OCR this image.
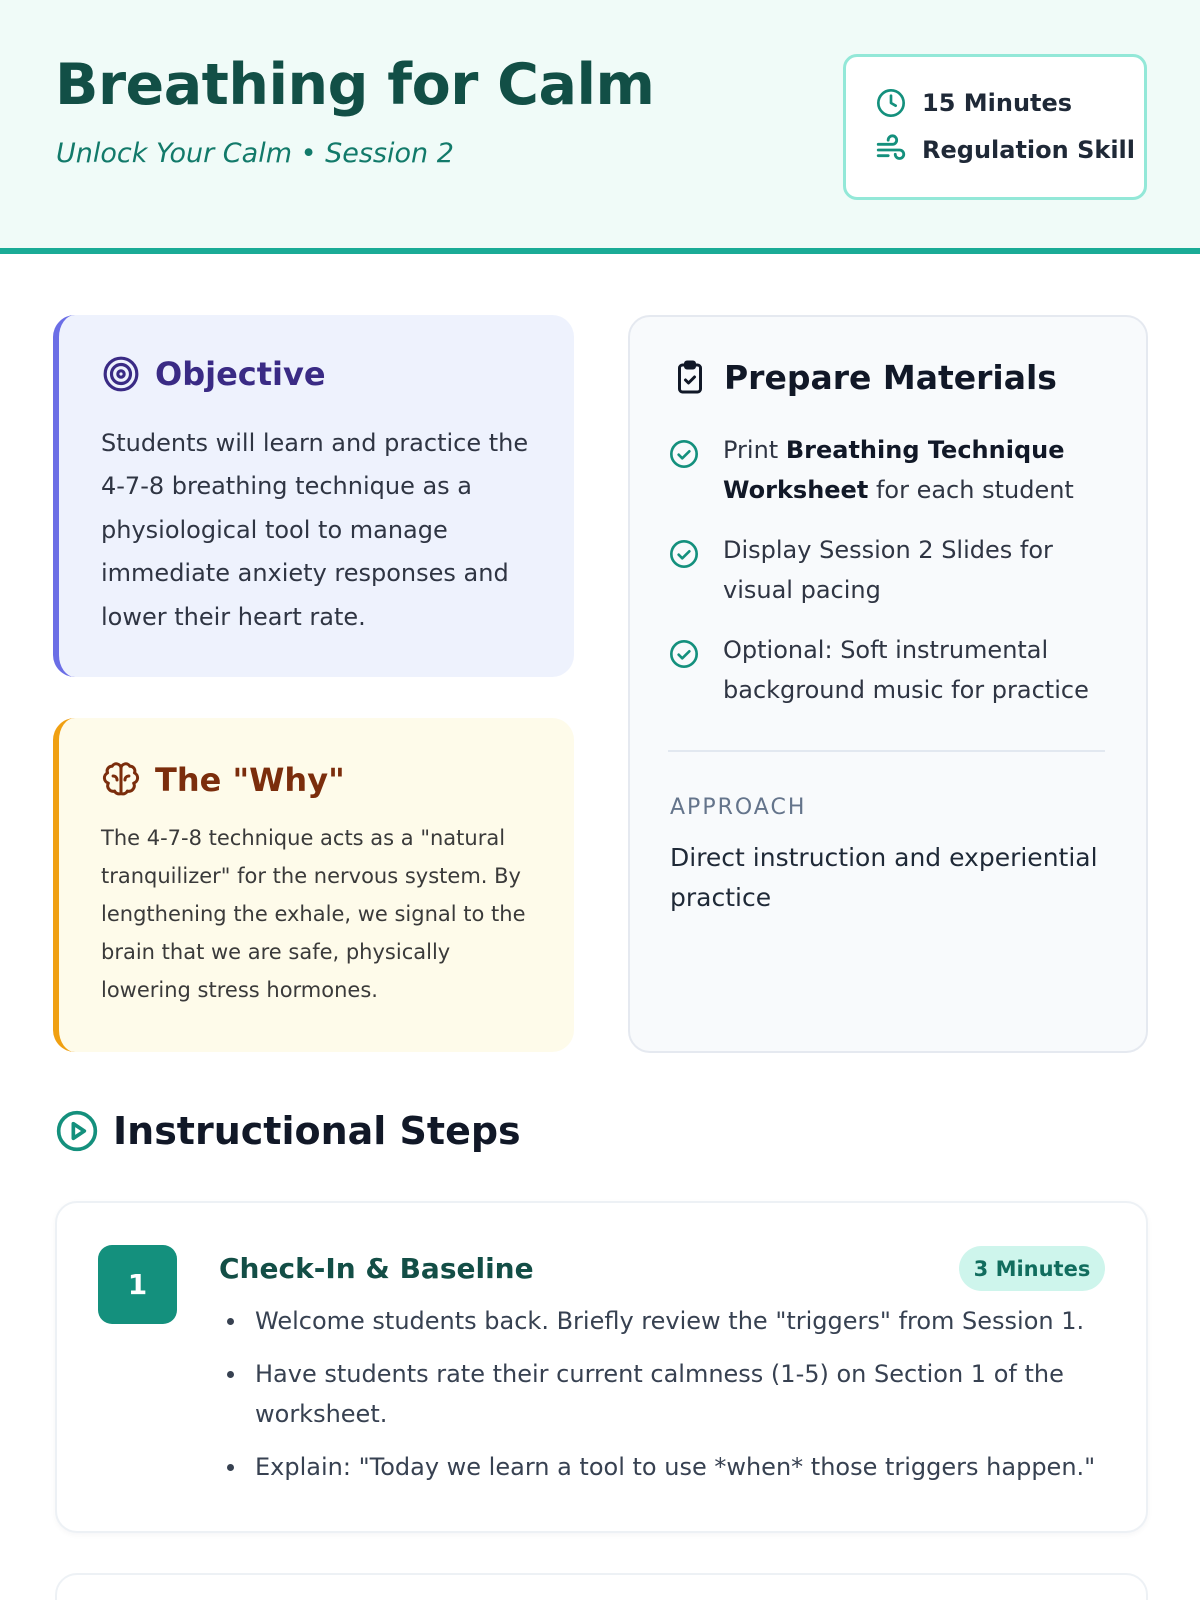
Breathing for Calm
Unlock Your Calm • Session 2
15 Minutes
Regulation Skill
Objective
Students will learn and practice the 4-7-8 breathing technique as a physiological tool to manage immediate anxiety responses and lower their heart rate.
The "Why"
The 4-7-8 technique acts as a "natural tranquilizer" for the nervous system. By lengthening the exhale, we signal to the brain that we are safe, physically lowering stress hormones.
Prepare Materials
Print Breathing Technique Worksheet for each student
Display Session 2 Slides for visual pacing
Optional: Soft instrumental background music for practice
APPROACH
Direct instruction and experiential practice
Instructional Steps
1	Check-In & Baseline	3 Minutes
Welcome students back. Briefly review the "triggers" from Session 1.
Have students rate their current calmness (1-5) on Section 1 of the worksheet.
Explain: "Today we learn a tool to use *when* those triggers happen."
